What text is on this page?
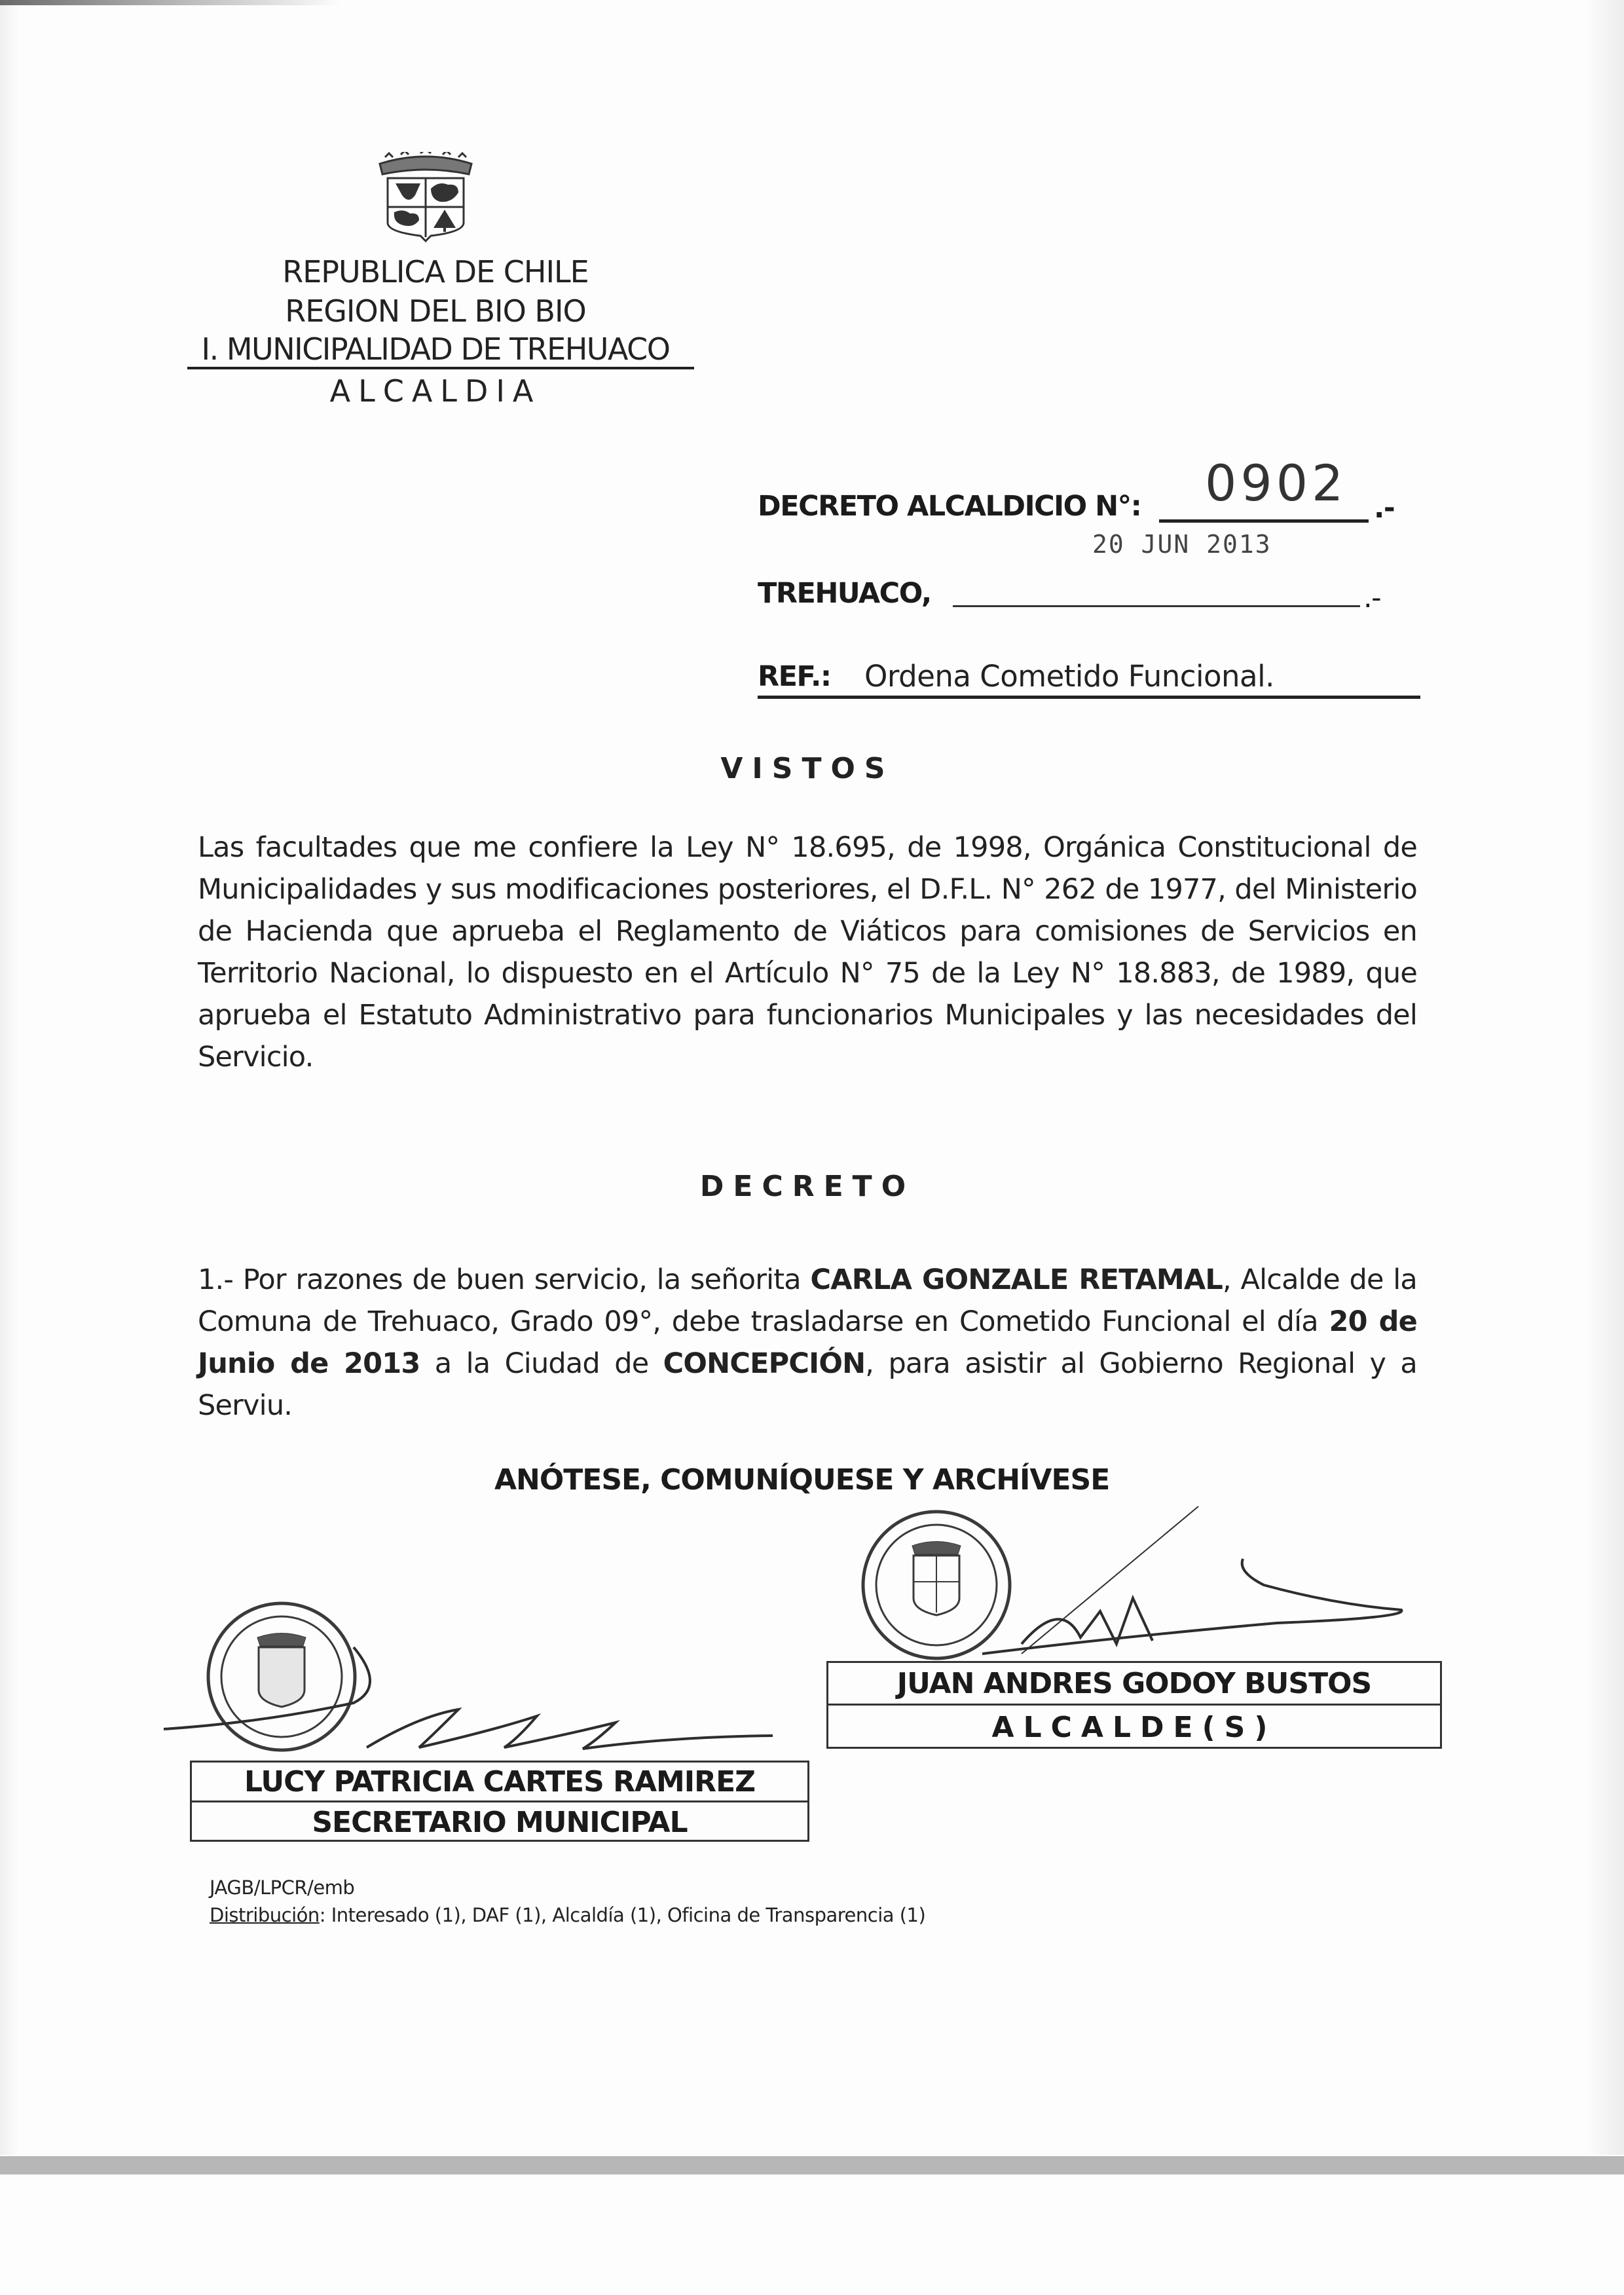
REPUBLICA DE CHILE
REGION DEL BIO BIO
I. MUNICIPALIDAD DE TREHUACO
ALCALDIA
DECRETO ALCALDICIO N°: 0902 .-
20 JUN 2013
TREHUACO,	.-
REF.: Ordena Cometido Funcional.
VISTOS
Las facultades que me confiere la Ley N° 18.695, de 1998, Orgánica Constitucional de Municipalidades y sus modificaciones posteriores, el D.F.L. N° 262 de 1977, del Ministerio de Hacienda que aprueba el Reglamento de Viáticos para comisiones de Servicios en Territorio Nacional, lo dispuesto en el Artículo N° 75 de la Ley N° 18.883, de 1989, que aprueba el Estatuto Administrativo para funcionarios Municipales y las necesidades del Servicio.
DECRETO
1.- Por razones de buen servicio, la señorita CARLA GONZALE RETAMAL, Alcalde de la Comuna de Trehuaco, Grado 09°, debe trasladarse en Cometido Funcional el día 20 de Junio de 2013 a la Ciudad de CONCEPCIÓN, para asistir al Gobierno Regional y a Serviu.
ANÓTESE, COMUNÍQUESE Y ARCHÍVESE
JUAN ANDRES GODOY BUSTOS
ALCALDE(S)
LUCY PATRICIA CARTES RAMIREZ
SECRETARIO MUNICIPAL
JAGB/LPCR/emb
Distribución: Interesado (1), DAF (1), Alcaldía (1), Oficina de Transparencia (1)
